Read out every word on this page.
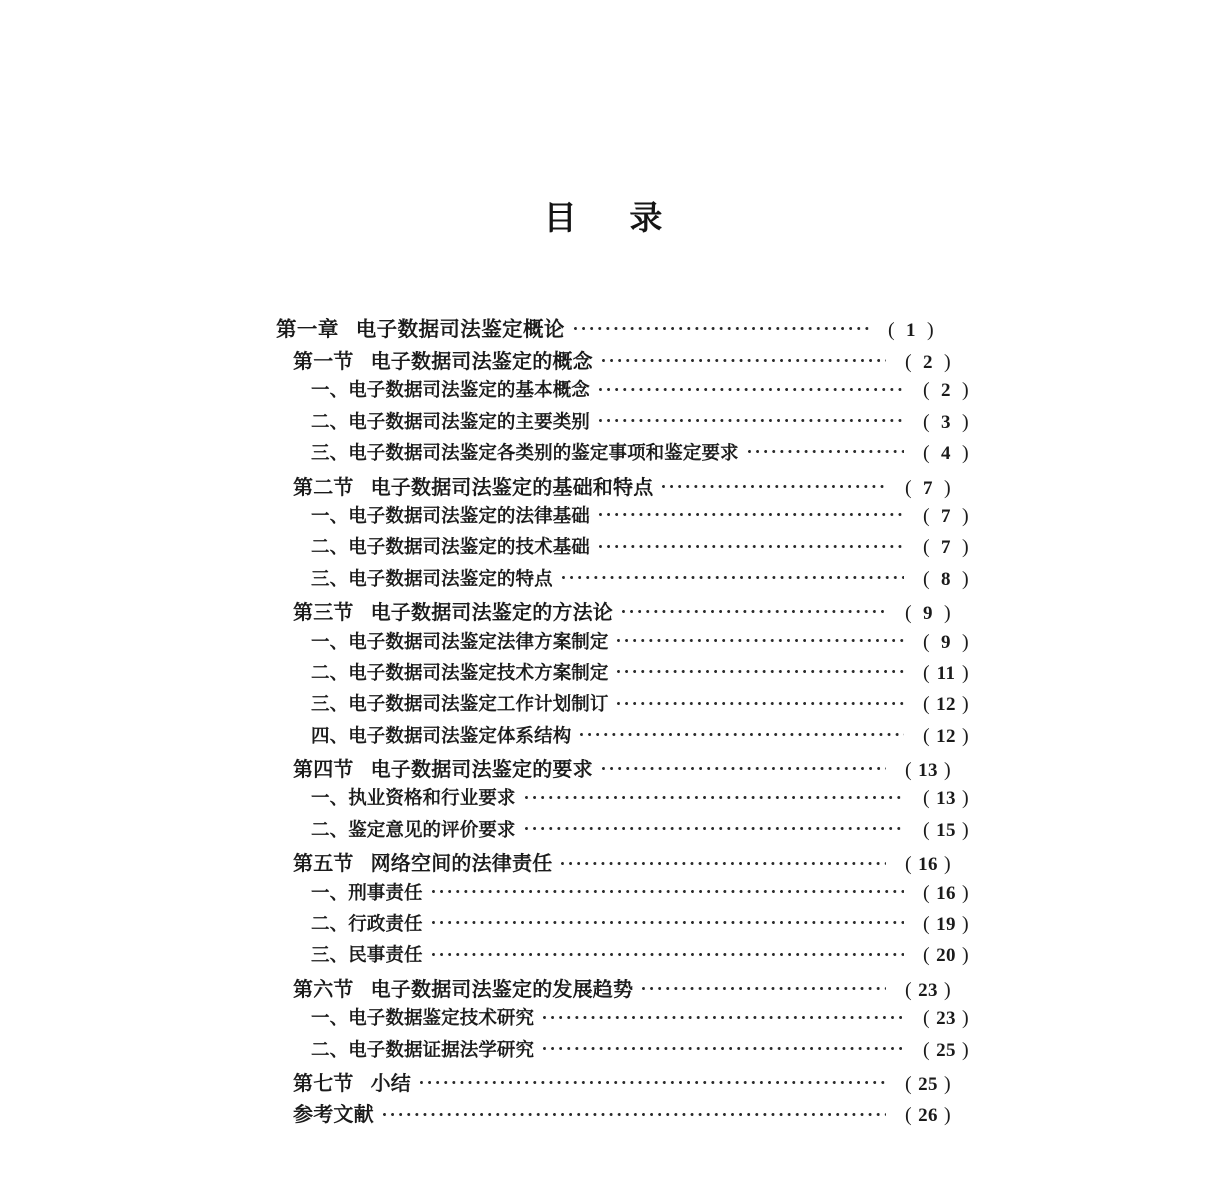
目　录
第一章 电子数据司法鉴定概论	( 1 )
第一节 电子数据司法鉴定的概念	( 2 )
一、电子数据司法鉴定的基本概念	( 2 )
二、电子数据司法鉴定的主要类别	( 3 )
三、电子数据司法鉴定各类别的鉴定事项和鉴定要求	( 4 )
第二节 电子数据司法鉴定的基础和特点	( 7 )
一、电子数据司法鉴定的法律基础	( 7 )
二、电子数据司法鉴定的技术基础	( 7 )
三、电子数据司法鉴定的特点	( 8 )
第三节 电子数据司法鉴定的方法论	( 9 )
一、电子数据司法鉴定法律方案制定	( 9 )
二、电子数据司法鉴定技术方案制定	( 11 )
三、电子数据司法鉴定工作计划制订	( 12 )
四、电子数据司法鉴定体系结构	( 12 )
第四节 电子数据司法鉴定的要求	( 13 )
一、执业资格和行业要求	( 13 )
二、鉴定意见的评价要求	( 15 )
第五节 网络空间的法律责任	( 16 )
一、刑事责任	( 16 )
二、行政责任	( 19 )
三、民事责任	( 20 )
第六节 电子数据司法鉴定的发展趋势	( 23 )
一、电子数据鉴定技术研究	( 23 )
二、电子数据证据法学研究	( 25 )
第七节 小结	( 25 )
参考文献	( 26 )
